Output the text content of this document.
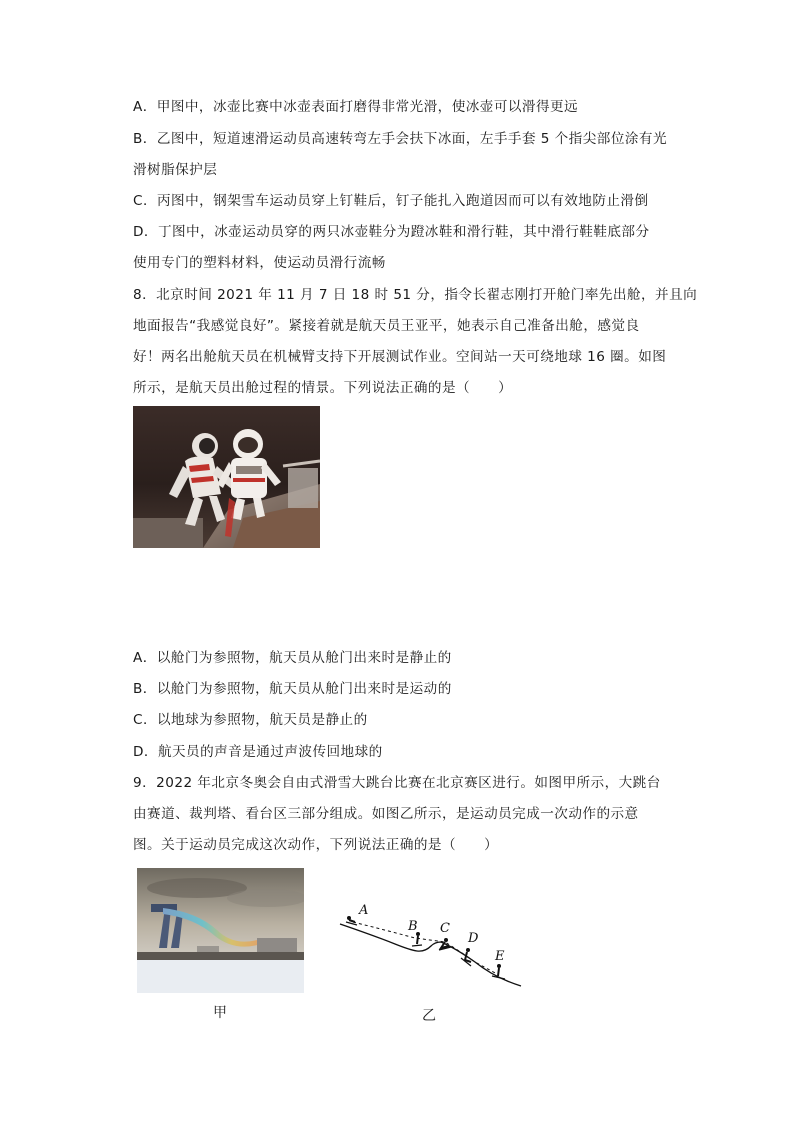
A．甲图中，冰壶比赛中冰壶表面打磨得非常光滑，使冰壶可以滑得更远
B．乙图中，短道速滑运动员高速转弯左手会扶下冰面，左手手套 5 个指尖部位涂有光
滑树脂保护层
C．丙图中，钢架雪车运动员穿上钉鞋后，钉子能扎入跑道因而可以有效地防止滑倒
D．丁图中，冰壶运动员穿的两只冰壶鞋分为蹬冰鞋和滑行鞋，其中滑行鞋鞋底部分
使用专门的塑料材料，使运动员滑行流畅
8．北京时间 2021 年 11 月 7 日 18 时 51 分，指令长翟志刚打开舱门率先出舱，并且向
地面报告“我感觉良好”。紧接着就是航天员王亚平，她表示自己准备出舱，感觉良
好！两名出舱航天员在机械臂支持下开展测试作业。空间站一天可绕地球 16 圈。如图
所示，是航天员出舱过程的情景。下列说法正确的是（　　）
A．以舱门为参照物，航天员从舱门出来时是静止的
B．以舱门为参照物，航天员从舱门出来时是运动的
C．以地球为参照物，航天员是静止的
D．航天员的声音是通过声波传回地球的
9．2022 年北京冬奥会自由式滑雪大跳台比赛在北京赛区进行。如图甲所示，大跳台
由赛道、裁判塔、看台区三部分组成。如图乙所示，是运动员完成一次动作的示意
图。关于运动员完成这次动作，下列说法正确的是（　　）
甲
A
B C
D
E
乙
